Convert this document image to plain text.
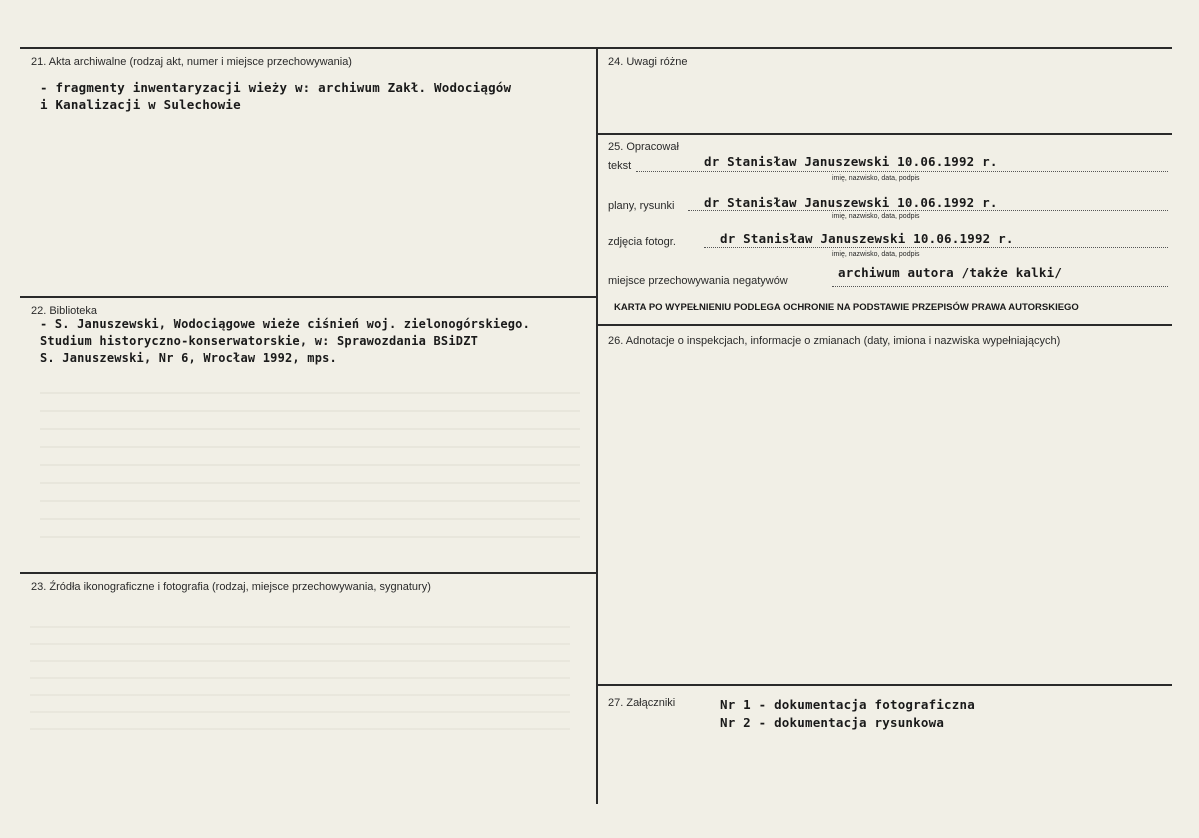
21. Akta archiwalne (rodzaj akt, numer i miejsce przechowywania)
- fragmenty inwentaryzacji wieży w: archiwum Zakł. Wodociągów
i Kanalizacji w Sulechowie
22. Biblioteka
- S. Januszewski, Wodociągowe wieże ciśnień woj. zielonogórskiego.
Studium historyczno-konserwatorskie, w: Sprawozdania BSiDZT
S. Januszewski, Nr 6, Wrocław 1992, mps.
23. Źródła ikonograficzne i fotografia (rodzaj, miejsce przechowywania, sygnatury)
24. Uwagi różne
25. Opracował
tekst	dr Stanisław Januszewski 10.06.1992 r.
imię, nazwisko, data, podpis
plany, rysunki dr Stanisław Januszewski 10.06.1992 r.
imię, nazwisko, data, podpis
zdjęcia fotogr.	dr Stanisław Januszewski 10.06.1992 r.
imię, nazwisko, data, podpis
miejsce przechowywania negatywów
archiwum autora /także kalki/
KARTA PO WYPEŁNIENIU PODLEGA OCHRONIE NA PODSTAWIE PRZEPISÓW PRAWA AUTORSKIEGO
26. Adnotacje o inspekcjach, informacje o zmianach (daty, imiona i nazwiska wypełniających)
27. Załączniki	Nr 1 - dokumentacja fotograficzna
Nr 2 - dokumentacja rysunkowa
